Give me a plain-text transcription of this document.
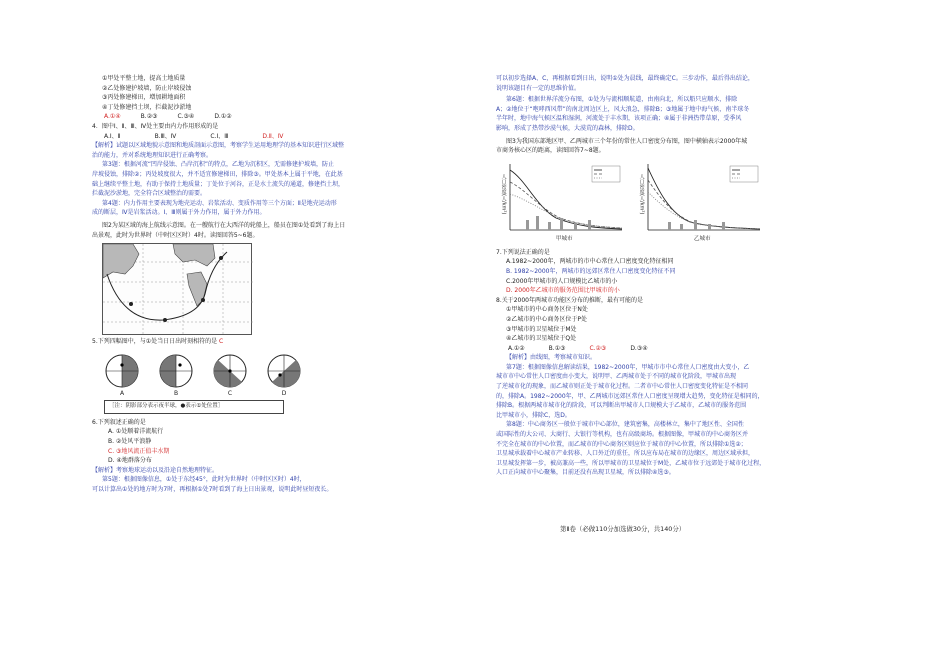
①甲处平整土地，提高土地质量
②乙处修建护坡墙，防止岸坡侵蚀
③丙处修建梯田，增加耕地面积
④丁处修建挡土坝，拦截泥沙淤地
A.①④	B.②③	C.③④	D.①②
4．图中Ⅰ、Ⅱ、Ⅲ、Ⅳ处主要由内力作用形成的是
A.Ⅰ、Ⅱ	B.Ⅲ、Ⅳ	C.Ⅰ、Ⅲ	D.Ⅱ、Ⅳ
【解析】试题以区域地貌示意图和地质剖面示意图，考察学生运用地理学的基本知识进行区域整
治的能力，并对系统地理知识进行正确考察。
第3题：根据河流“凹岸侵蚀、凸岸沉积”的特点，乙地为沉积区，无需修建护坡墙，防止
岸坡侵蚀，排除②；丙处坡度很大，并不适宜修建梯田，排除③。甲处基本上属于平地，在此基
础上继续平整土地，有助于保持土地质量；丁处位于河谷，正是水土流失的通道，修建挡土坝，
拦截泥沙淤地，完全符合区域整治的需要。
第4题：内力作用主要表现为地壳运动、岩浆活动、变质作用等三个方面；Ⅱ是地壳运动形
成的断层，Ⅳ是岩浆活动。Ⅰ、Ⅲ则属于外力作用，属于外力作用。
图2为某区域的海上航线示意图。在一艘航行在大西洋的轮船上，船员在图①处看到了海上日
出景观，此时为世界时（中时区区时）4时。读图回答5~6题。
5.下列四幅图中，与①处当日日出时刻相符的是 C
A	B	C	D
［注：阴影部分表示夜半球，●表示①处位置］
6.下列叙述正确的是
A. ①处顺着洋流航行
B. ②处风平浪静
C. ③地风流正值丰水期
D. ④地群落分布
【解析】考察地球运动以及沿途自然地理特征。
第5题：根据图像信息，①处于东经45°，此时为世界时（中时区区时）4时，
可以计算出①处的地方时为7时，再根据①处7时看到了海上日出景观，说明此时昼短夜长。
可以初步选择A、C，再根据看到日出，说明①处为晨线，最终确定C。三步动作，最后得出结论，
说明该题目有一定的思维价值。
第6题：根据世界洋流分布图，①处为与流相顺航道，由南向北，所以船只应顺水，排除
A；②地位于“咆哮西风带”的南北周边区上，风大浪急，排除B；③地属于地中海气候，南半球冬
半年时，地中海气候区温和湿润，河流处于丰水期，该项正确；④属于非洲热带草原，受季风
影响，形成了热带沙漠气候，大漠荒的森林，排除D。
图3为我国东部地区甲、乙两城市三个年份的常住人口密度分布图，图中横轴表示2000年城
市商务核心区的距离，读图回答7~8题。
人口密度(人/km²)
甲城市
人口密度(人/km²)
乙城市
7.下列说法正确的是
A.1982~2000年，两城市的市中心常住人口密度变化特征相同
B. 1982~2000年，两城市的远郊区常住人口密度变化特征不同
C.2000年甲城市的人口规模比乙城市的小
D. 2000年乙城市的服务范围比甲城市的小
8.关于2000年两城市功能区分布的推断，最有可能的是
①甲城市的中心商务区位于N处
②乙城市的中心商务区位于P处
③甲城市的卫星城位于M处
④乙城市的卫星城位于Q处
A.①②	B.①③	C.②③	D.③④
【解析】由线图，考察城市知识。
第7题：根据图像信息解读结果，1982~2000年，甲城市市中心常住人口密度由大变小，乙
城市市中心常住人口密度由小变大，说明甲、乙两城市处于不同的城市化阶段，甲城市出现
了逆城市化的现象，而乙城市则正处于城市化过程。二者市中心常住人口密度变化特征是不相同
的，排除A。1982~2000年，甲、乙两城市远郊区常住人口密度呈现增大趋势，变化特征是相同的，
排除B。根据两城市城市化的阶段，可以判断出甲城市人口规模大于乙城市，乙城市的服务范围
比甲城市小，排除C，选D。
第8题：中心商务区一般位于城市中心部位，建筑密集，高楼林立，集中了地区性、全国性
或国际性的大公司、大商行、大银行等机构，也有高级商场。根据图像，甲城市的中心商务区并
不完全在城市的中心位置，而乙城市的中心商务区则应位于城市的中心位置，所以排除①选②；
卫星城承载着中心城市产业转移、人口外迁的重任，所以应布局在城市的边缘区，周边区域承担，
卫星城发挥第一步，被高兼高一些，所以甲城市的卫星城位于M处，乙城市位于远郊处于城市化过程，
人口正向城市中心聚集，目前还没有出现卫星城，所以排除④选③。
第Ⅱ卷（必做110分加选做30分，共140分）
